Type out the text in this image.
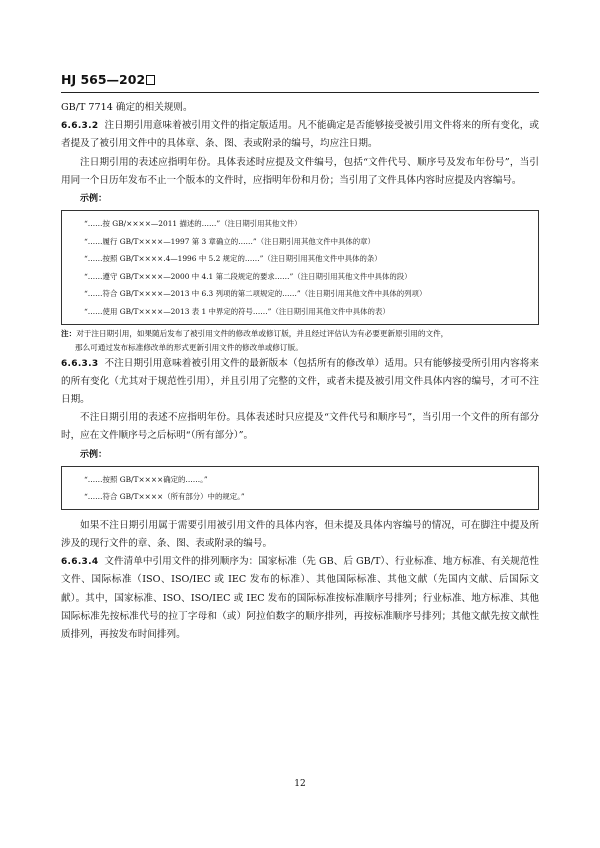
HJ 565—202

GB/T 7714 确定的相关规则。

6.6.3.2 注日期引用意味着被引用文件的指定版适用。凡不能确定是否能够接受被引用文件将来的所有变化，或者提及了被引用文件中的具体章、条、图、表或附录的编号，均应注日期。

注日期引用的表述应指明年份。具体表述时应提及文件编号，包括“文件代号、顺序号及发布年份号”，当引用同一个日历年发布不止一个版本的文件时，应指明年份和月份；当引用了文件具体内容时应提及内容编号。

示例：
“……按 GB/××××—2011 描述的……”（注日期引用其他文件）
“……履行 GB/T××××—1997 第 3 章确立的……”（注日期引用其他文件中具体的章）
“……按照 GB/T××××.4—1996 中 5.2 规定的……”（注日期引用其他文件中具体的条）
“……遵守 GB/T××××—2000 中 4.1 第二段规定的要求……”（注日期引用其他文件中具体的段）
“……符合 GB/T××××—2013 中 6.3 列项的第二项规定的……”（注日期引用其他文件中具体的列项）
“……使用 GB/T××××—2013 表 1 中界定的符号……”（注日期引用其他文件中具体的表）
注：对于注日期引用，如果随后发布了被引用文件的修改单或修订版，并且经过评估认为有必要更新原引用的文件，
那么可通过发布标准修改单的形式更新引用文件的修改单或修订版。

6.6.3.3 不注日期引用意味着被引用文件的最新版本（包括所有的修改单）适用。只有能够接受所引用内容将来的所有变化（尤其对于规范性引用），并且引用了完整的文件，或者未提及被引用文件具体内容的编号，才可不注日期。

不注日期引用的表述不应指明年份。具体表述时只应提及“文件代号和顺序号”，当引用一个文件的所有部分时，应在文件顺序号之后标明“（所有部分）”。

示例：
“……按照 GB/T××××确定的……。”
“……符合 GB/T××××（所有部分）中的规定。”

如果不注日期引用属于需要引用被引用文件的具体内容，但未提及具体内容编号的情况，可在脚注中提及所涉及的现行文件的章、条、图、表或附录的编号。

6.6.3.4 文件清单中引用文件的排列顺序为：国家标准（先 GB、后 GB/T）、行业标准、地方标准、有关规范性文件、国际标准（ISO、ISO/IEC 或 IEC 发布的标准）、其他国际标准、其他文献（先国内文献、后国际文献）。其中，国家标准、ISO、ISO/IEC 或 IEC 发布的国际标准按标准顺序号排列；行业标准、地方标准、其他国际标准先按标准代号的拉丁字母和（或）阿拉伯数字的顺序排列，再按标准顺序号排列；其他文献先按文献性质排列，再按发布时间排列。

12
